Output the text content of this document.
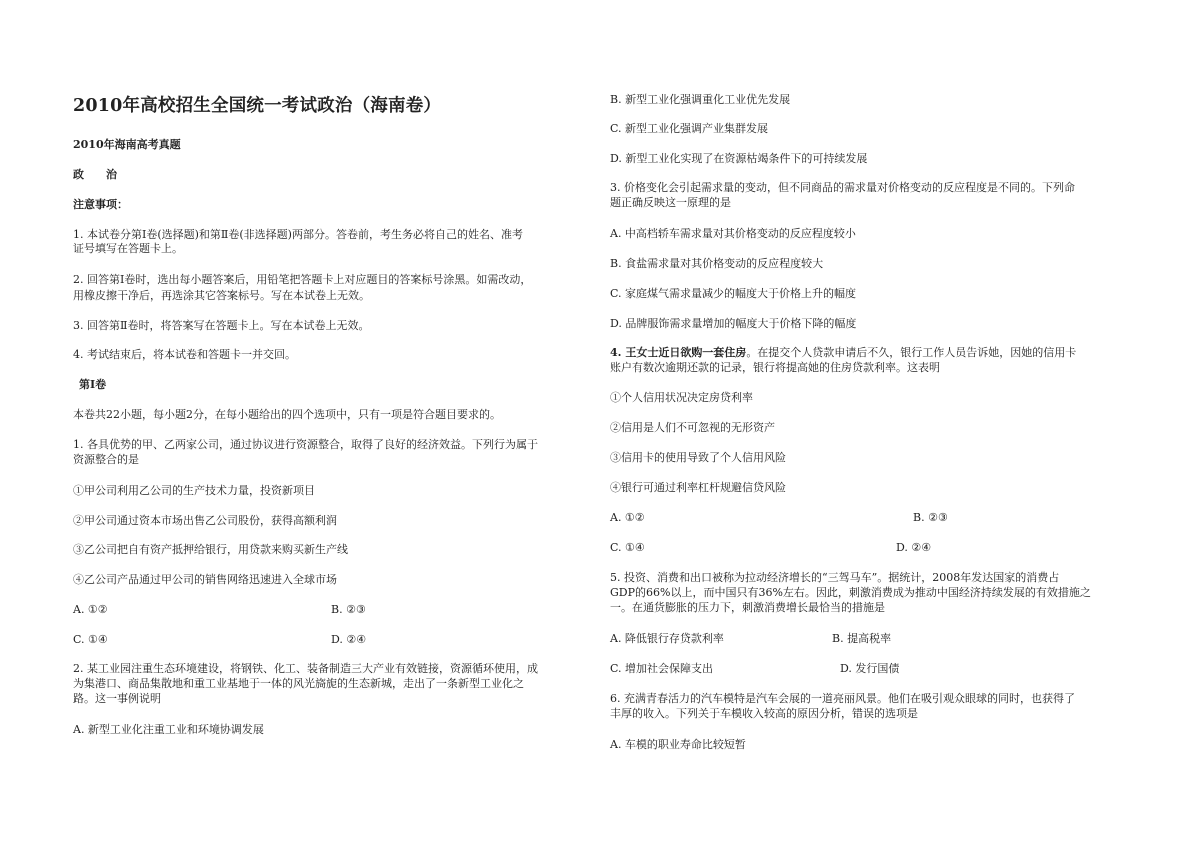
2010年高校招生全国统一考试政治（海南卷）
2010年海南高考真题
政　　治
注意事项：
1. 本试卷分第Ⅰ卷(选择题)和第Ⅱ卷(非选择题)两部分。答卷前，考生务必将自己的姓名、准考
证号填写在答题卡上。
2. 回答第Ⅰ卷时，选出每小题答案后，用铅笔把答题卡上对应题目的答案标号涂黑。如需改动，
用橡皮擦干净后，再选涂其它答案标号。写在本试卷上无效。
3. 回答第Ⅱ卷时，将答案写在答题卡上。写在本试卷上无效。
4. 考试结束后，将本试卷和答题卡一并交回。
第Ⅰ卷
本卷共22小题，每小题2分，在每小题给出的四个选项中，只有一项是符合题目要求的。
1. 各具优势的甲、乙两家公司，通过协议进行资源整合，取得了良好的经济效益。下列行为属于
资源整合的是
①甲公司利用乙公司的生产技术力量，投资新项目
②甲公司通过资本市场出售乙公司股份，获得高额利润
③乙公司把自有资产抵押给银行，用贷款来购买新生产线
④乙公司产品通过甲公司的销售网络迅速进入全球市场
A. ①②	B. ②③
C. ①④	D. ②④
2. 某工业园注重生态环境建设，将钢铁、化工、装备制造三大产业有效链接，资源循环使用，成
为集港口、商品集散地和重工业基地于一体的风光旖旎的生态新城，走出了一条新型工业化之
路。这一事例说明
A. 新型工业化注重工业和环境协调发展
B. 新型工业化强调重化工业优先发展
C. 新型工业化强调产业集群发展
D. 新型工业化实现了在资源枯竭条件下的可持续发展
3. 价格变化会引起需求量的变动，但不同商品的需求量对价格变动的反应程度是不同的。下列命
题正确反映这一原理的是
A. 中高档轿车需求量对其价格变动的反应程度较小
B. 食盐需求量对其价格变动的反应程度较大
C. 家庭煤气需求量减少的幅度大于价格上升的幅度
D. 品牌服饰需求量增加的幅度大于价格下降的幅度
4. 王女士近日欲购一套住房。在提交个人贷款申请后不久，银行工作人员告诉她，因她的信用卡
账户有数次逾期还款的记录，银行将提高她的住房贷款利率。这表明
①个人信用状况决定房贷利率
②信用是人们不可忽视的无形资产
③信用卡的使用导致了个人信用风险
④银行可通过利率杠杆规避信贷风险
A. ①②	B. ②③
C. ①④	D. ②④
5. 投资、消费和出口被称为拉动经济增长的“三驾马车”。据统计，2008年发达国家的消费占
GDP的66%以上，而中国只有36%左右。因此，刺激消费成为推动中国经济持续发展的有效措施之
一。在通货膨胀的压力下，刺激消费增长最恰当的措施是
A. 降低银行存贷款利率	B. 提高税率
C. 增加社会保障支出	D. 发行国债
6. 充满青春活力的汽车模特是汽车会展的一道亮丽风景。他们在吸引观众眼球的同时，也获得了
丰厚的收入。下列关于车模收入较高的原因分析，错误的选项是
A. 车模的职业寿命比较短暂
